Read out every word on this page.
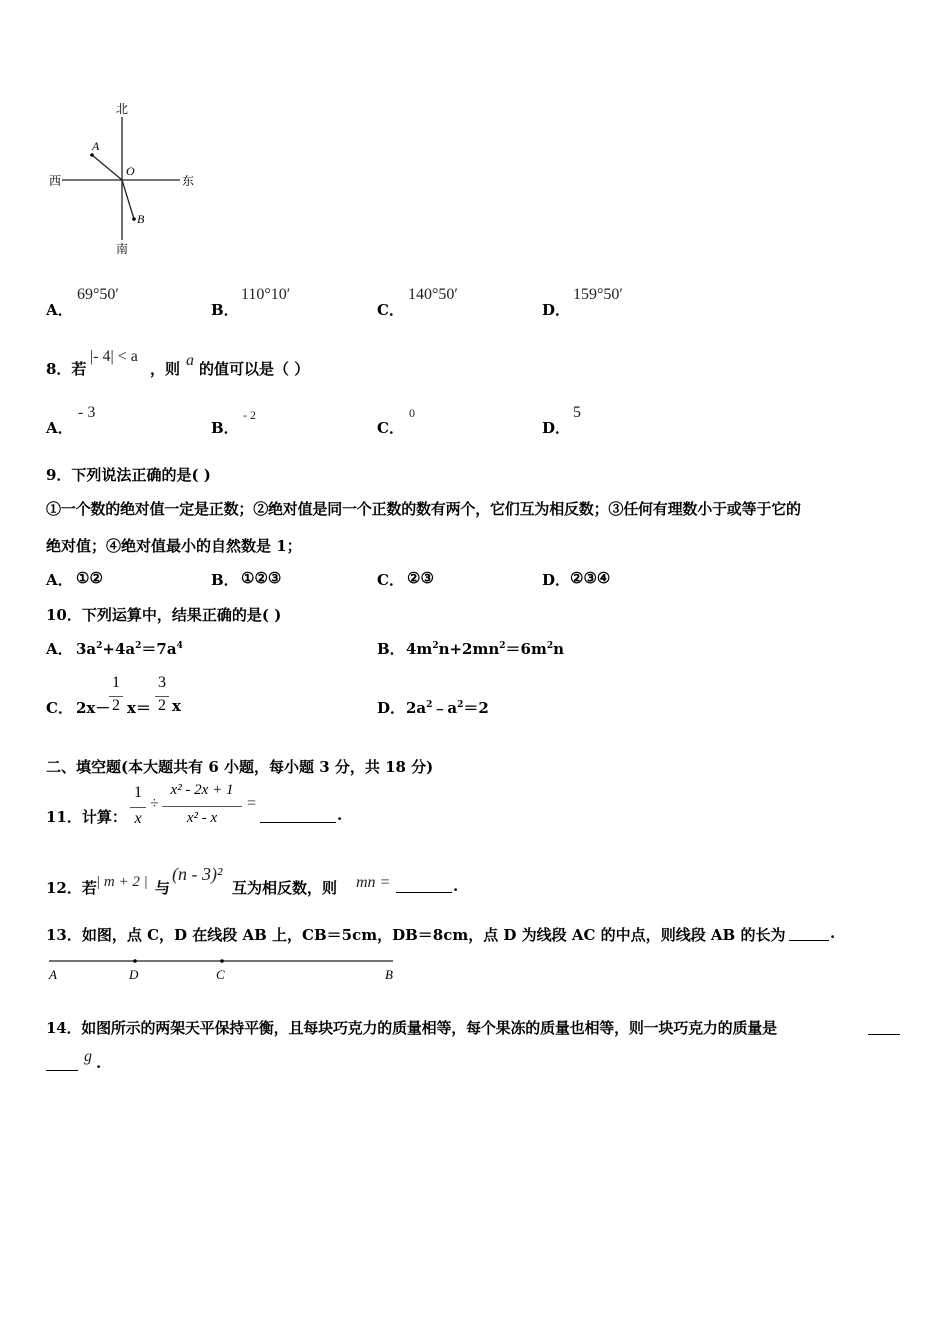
北
南
西	东
O
A
B
A．
69°50′
B．
110°10′
C．
140°50′
D．
159°50′
8．若
|- 4| < a
，则 a 的值可以是（ ）
A．
- 3
B．
- 2
C．
0
D．
5
9．下列说法正确的是( )
①一个数的绝对值一定是正数；②绝对值是同一个正数的数有两个，它们互为相反数；③任何有理数小于或等于它的
绝对值；④绝对值最小的自然数是 1；
A． ①②	B． ①②③	C． ②③	D． ②③④
10．下列运算中，结果正确的是( )
A． $3a^2+4a^2=7a^4$	B． $4m^2n+2mn^2=6m^2n$
C． 2x－
1
2 x＝
3
2 x	D． $2a^2﹣a^2=2$
二、填空题(本大题共有 6 小题，每小题 3 分，共 18 分)
11．计算：
1
x
÷
x² - 2x + 1
x² - x
=
.
12．若 | m + 2 | 与
(n - 3)²
互为相反数，则 mn =	.
13．如图，点 C，D 在线段 AB 上，CB＝5cm，DB＝8cm，点 D 为线段 AC 的中点，则线段 AB 的长为	.
A	D	C	B
14．如图所示的两架天平保持平衡，且每块巧克力的质量相等，每个果冻的质量也相等，则一块巧克力的质量是
g .
